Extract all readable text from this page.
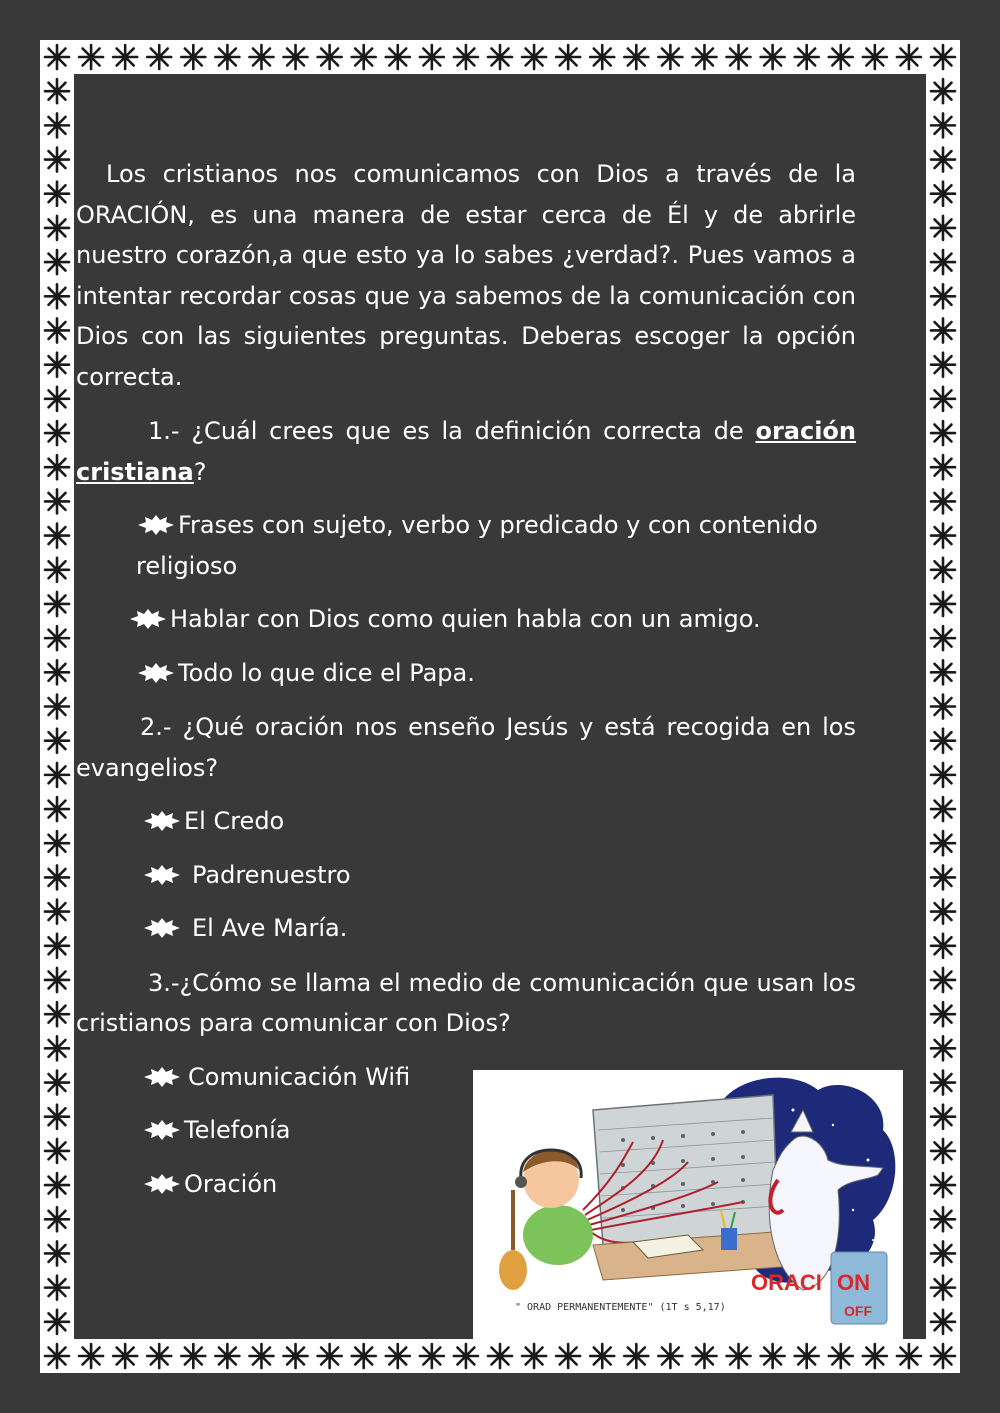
Los cristianos nos comunicamos con Dios a través de la ORACIÓN, es una manera de estar cerca de Él y de abrirle nuestro corazón,a que esto ya lo sabes ¿verdad?. Pues vamos a intentar recordar cosas que ya sabemos de la comunicación con Dios con las siguientes preguntas. Deberas escoger la opción correcta.

1.- ¿Cuál crees que es la definición correcta de oración cristiana?

Frases con sujeto, verbo y predicado y con contenido religioso

Hablar con Dios como quien habla con un amigo.

Todo lo que dice el Papa.

2.- ¿Qué oración nos enseño Jesús y está recogida en los evangelios?

El Credo

Padrenuestro

El Ave María.

3.-¿Cómo se llama el medio de comunicación que usan los cristianos para comunicar con Dios?

Comunicación Wifi

Telefonía

Oración

" ORAD PERMANENTEMENTE" (1T s 5,17)
ORACI ON
OFF
